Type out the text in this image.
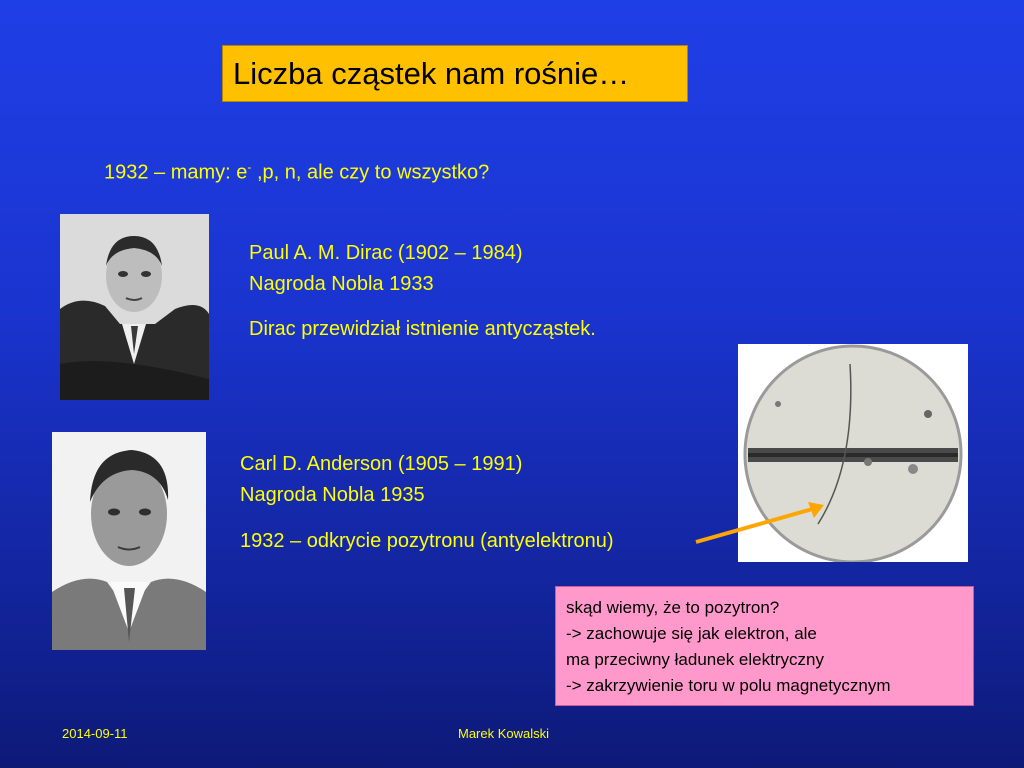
Liczba cząstek nam rośnie…
1932 – mamy: e- ,p, n, ale czy to wszystko?
Paul A. M. Dirac (1902 – 1984)
Nagroda Nobla 1933
Dirac przewidział istnienie antycząstek.
Carl D. Anderson (1905 – 1991)
Nagroda Nobla 1935
1932 – odkrycie pozytronu (antyelektronu)
skąd wiemy, że to pozytron?
-> zachowuje się jak elektron, ale
ma przeciwny ładunek elektryczny
-> zakrzywienie toru w polu magnetycznym
2014-09-11	Marek Kowalski
